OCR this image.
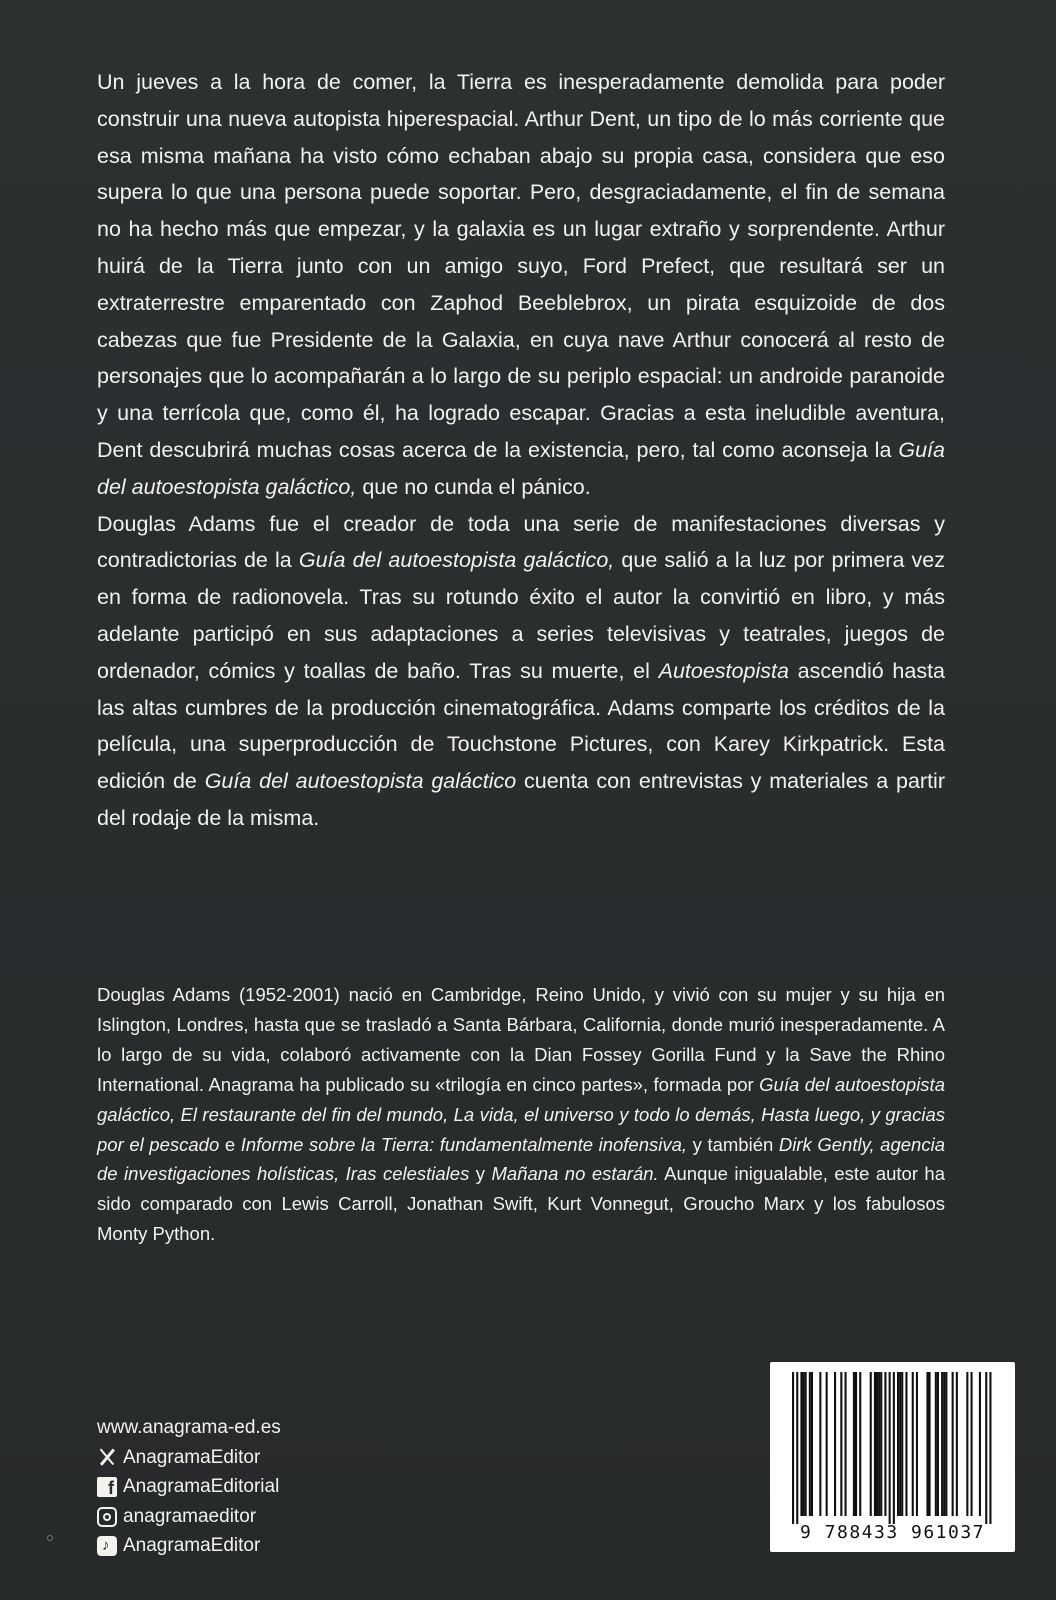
Un jueves a la hora de comer, la Tierra es inesperadamente demolida para poder construir una nueva autopista hiperespacial. Arthur Dent, un tipo de lo más corriente que esa misma mañana ha visto cómo echaban abajo su propia casa, considera que eso supera lo que una persona puede soportar. Pero, desgraciadamente, el fin de semana no ha hecho más que empezar, y la galaxia es un lugar extraño y sorprendente. Arthur huirá de la Tierra junto con un amigo suyo, Ford Prefect, que resultará ser un extraterrestre emparentado con Zaphod Beeblebrox, un pirata esquizoide de dos cabezas que fue Presidente de la Galaxia, en cuya nave Arthur conocerá al resto de personajes que lo acompañarán a lo largo de su periplo espacial: un androide paranoide y una terrícola que, como él, ha logrado escapar. Gracias a esta ineludible aventura, Dent descubrirá muchas cosas acerca de la existencia, pero, tal como aconseja la Guía del autoestopista galáctico, que no cunda el pánico.

Douglas Adams fue el creador de toda una serie de manifestaciones diversas y contradictorias de la Guía del autoestopista galáctico, que salió a la luz por primera vez en forma de radionovela. Tras su rotundo éxito el autor la convirtió en libro, y más adelante participó en sus adaptaciones a series televisivas y teatrales, juegos de ordenador, cómics y toallas de baño. Tras su muerte, el Autoestopista ascendió hasta las altas cumbres de la producción cinematográfica. Adams comparte los créditos de la película, una superproducción de Touchstone Pictures, con Karey Kirkpatrick. Esta edición de Guía del autoestopista galáctico cuenta con entrevistas y materiales a partir del rodaje de la misma.

Douglas Adams (1952-2001) nació en Cambridge, Reino Unido, y vivió con su mujer y su hija en Islington, Londres, hasta que se trasladó a Santa Bárbara, California, donde murió inesperadamente. A lo largo de su vida, colaboró activamente con la Dian Fossey Gorilla Fund y la Save the Rhino International. Anagrama ha publicado su «trilogía en cinco partes», formada por Guía del autoestopista galáctico, El restaurante del fin del mundo, La vida, el universo y todo lo demás, Hasta luego, y gracias por el pescado e Informe sobre la Tierra: fundamentalmente inofensiva, y también Dirk Gently, agencia de investigaciones holísticas, Iras celestiales y Mañana no estarán. Aunque inigualable, este autor ha sido comparado con Lewis Carroll, Jonathan Swift, Kurt Vonnegut, Groucho Marx y los fabulosos Monty Python.

www.anagrama-ed.es
AnagramaEditor
f AnagramaEditorial
anagramaeditor
♪ AnagramaEditor
9 788433 961037
